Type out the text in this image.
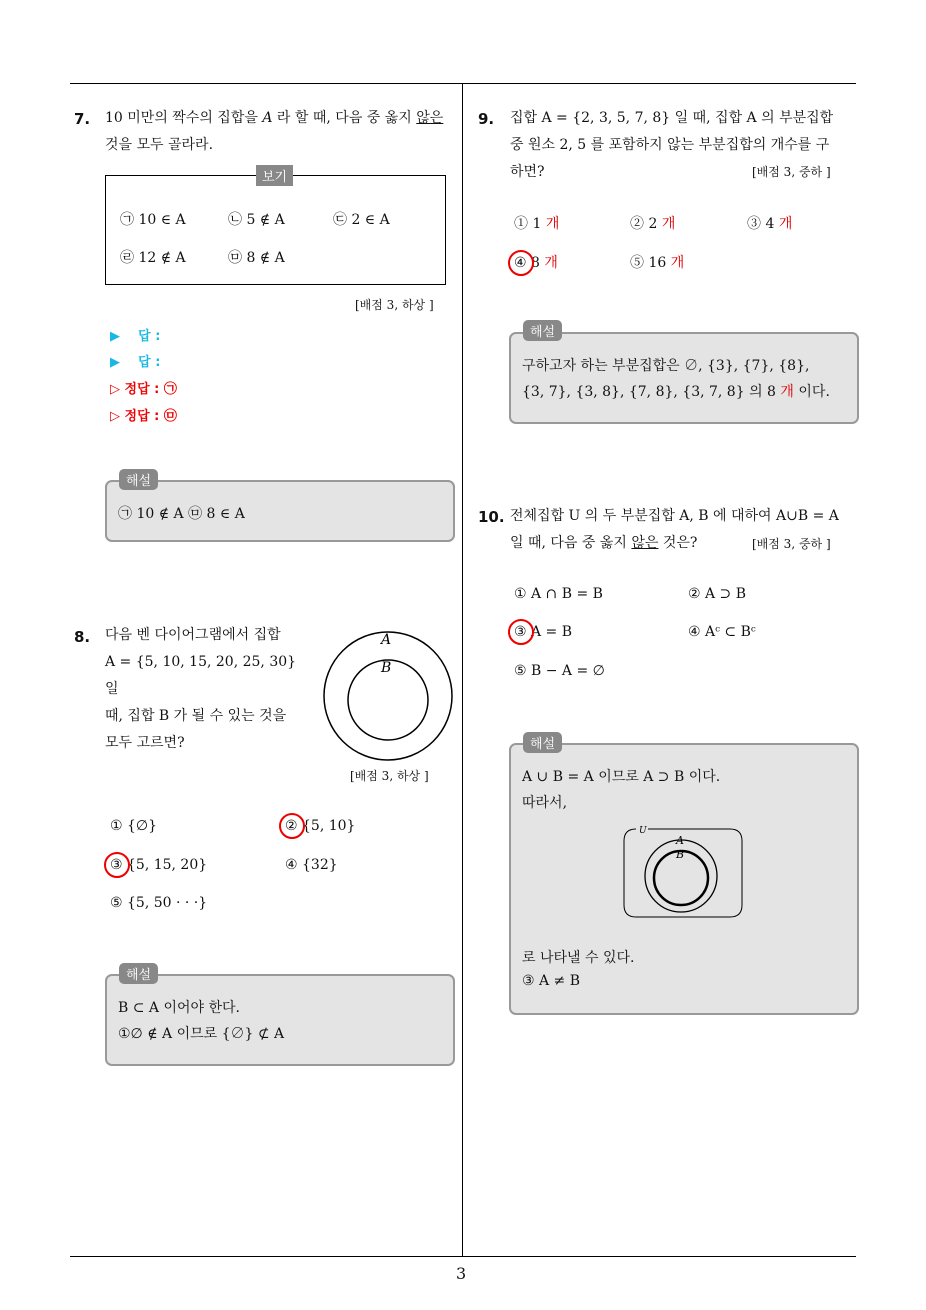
3
7. 10 미만의 짝수의 집합을 A 라 할 때, 다음 중 옳지 않은
것을 모두 골라라.
보기
㉠ 10 ∈ A	㉡ 5 ∉ A	㉢ 2 ∈ A
㉣ 12 ∉ A	㉤ 8 ∉ A
[배점 3, 하상 ]
▶ 답 :
▶ 답 :
▷ 정답 : ㉠
▷ 정답 : ㉤
해설
㉠ 10 ∉ A ㉤ 8 ∈ A
8. 다음 벤 다이어그램에서 집합
A = {5, 10, 15, 20, 25, 30} 일
때, 집합 B 가 될 수 있는 것을
모두 고르면?
A
B
[배점 3, 하상 ]
① {∅}	② {5, 10}
③ {5, 15, 20}	④ {32}
⑤ {5, 50 · · ·}
해설
B ⊂ A 이어야 한다.
①∅ ∉ A 이므로 {∅} ⊄ A
9. 집합 A = {2, 3, 5, 7, 8} 일 때, 집합 A 의 부분집합
중 원소 2, 5 를 포함하지 않는 부분집합의 개수를 구
하면?	[배점 3, 중하 ]
① 1 개	② 2 개	③ 4 개
④ 8 개	⑤ 16 개
해설
구하고자 하는 부분집합은 ∅, {3}, {7}, {8},
{3, 7}, {3, 8}, {7, 8}, {3, 7, 8} 의 8 개 이다.
10. 전체집합 U 의 두 부분집합 A, B 에 대하여 A∪B = A
일 때, 다음 중 옳지 않은 것은?	[배점 3, 중하 ]
① A ∩ B = B	② A ⊃ B
③ A = B	④ Aᶜ ⊂ Bᶜ
⑤ B − A = ∅
해설
A ∪ B = A 이므로 A ⊃ B 이다.
따라서,
U
A
B
로 나타낼 수 있다.
③ A ≠ B
